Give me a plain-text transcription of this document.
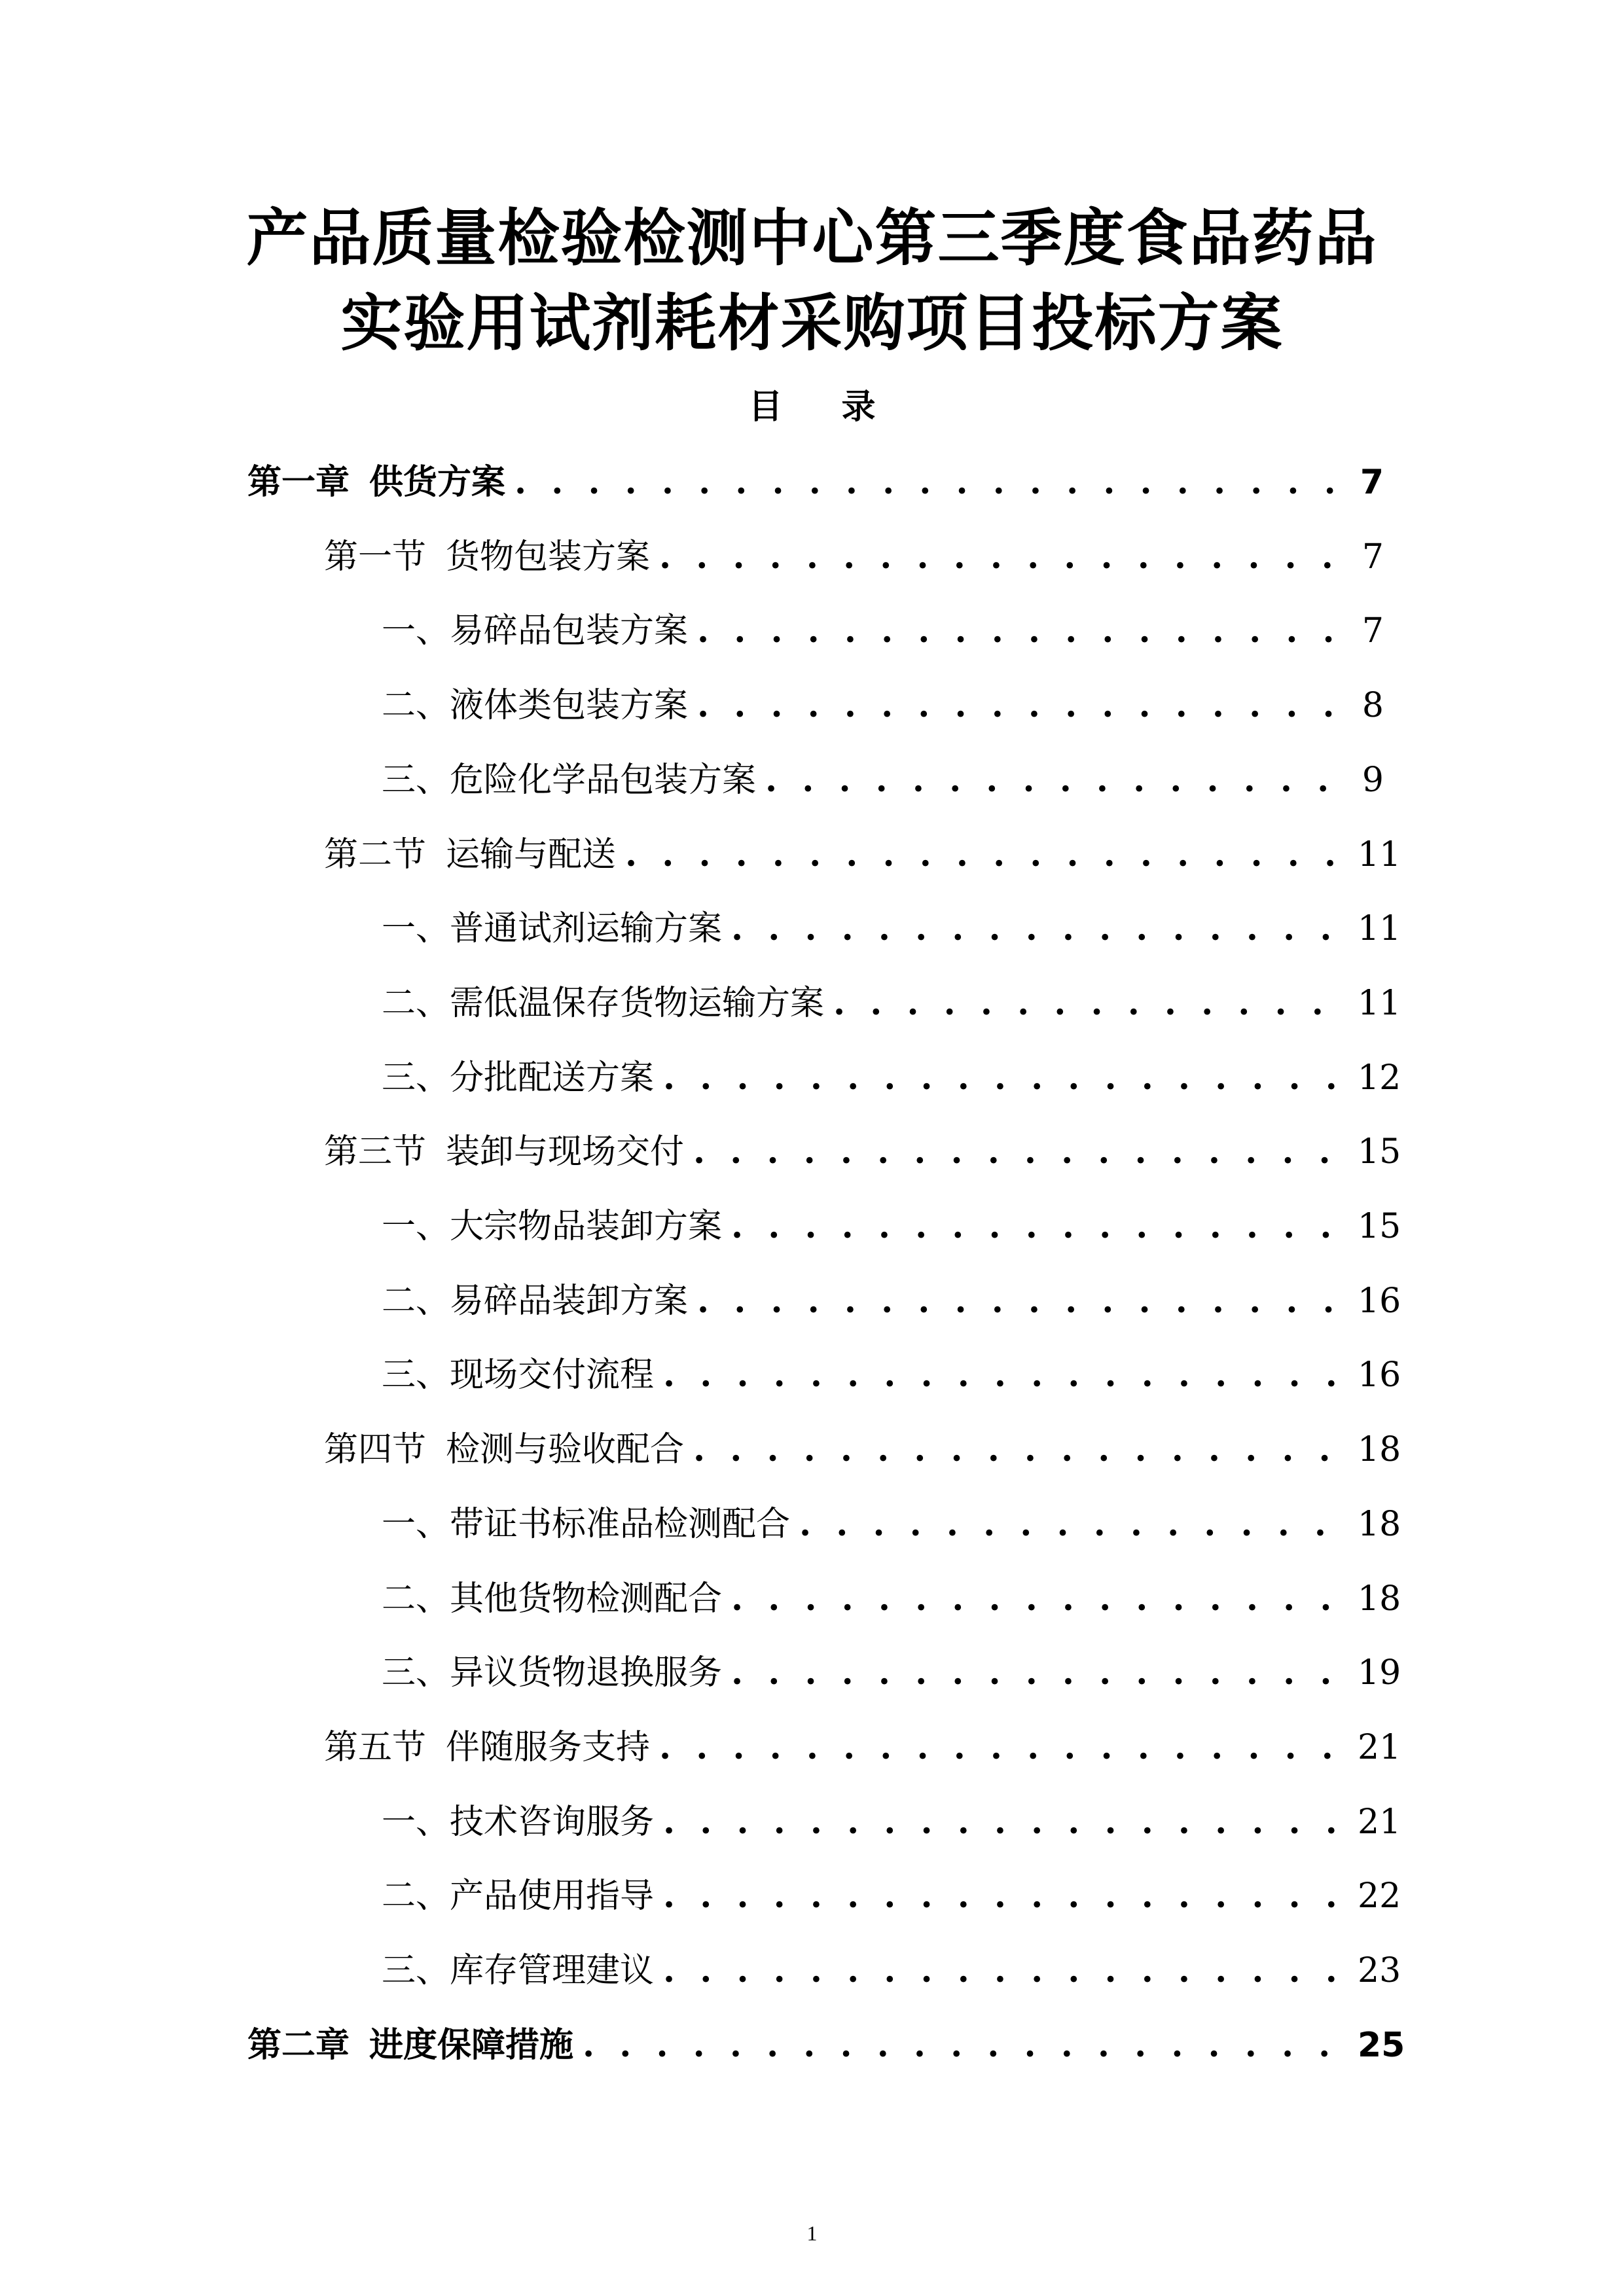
产品质量检验检测中心第三季度食品药品
实验用试剂耗材采购项目投标方案
目 录
第一章 供货方案 . . .	7
第一节 货物包装方案 . . .	7
一、 易碎品包装方案 . . .	7
二、 液体类包装方案 . . .	8
三、 危险化学品包装方案 . . .	9
第二节 运输与配送 . . .	11
一、 普通试剂运输方案 . . .	11
二、 需低温保存货物运输方案 . . .	11
三、 分批配送方案 . . .	12
第三节 装卸与现场交付 . . .	15
一、 大宗物品装卸方案 . . .	15
二、 易碎品装卸方案 . . .	16
三、 现场交付流程 . . .	16
第四节 检测与验收配合 . . .	18
一、 带证书标准品检测配合 . . .	18
二、 其他货物检测配合 . . .	18
三、 异议货物退换服务 . . .	19
第五节 伴随服务支持 . . .	21
一、 技术咨询服务 . . .	21
二、 产品使用指导 . . .	22
三、 库存管理建议 . . .	23
第二章 进度保障措施 . . .	25
1
